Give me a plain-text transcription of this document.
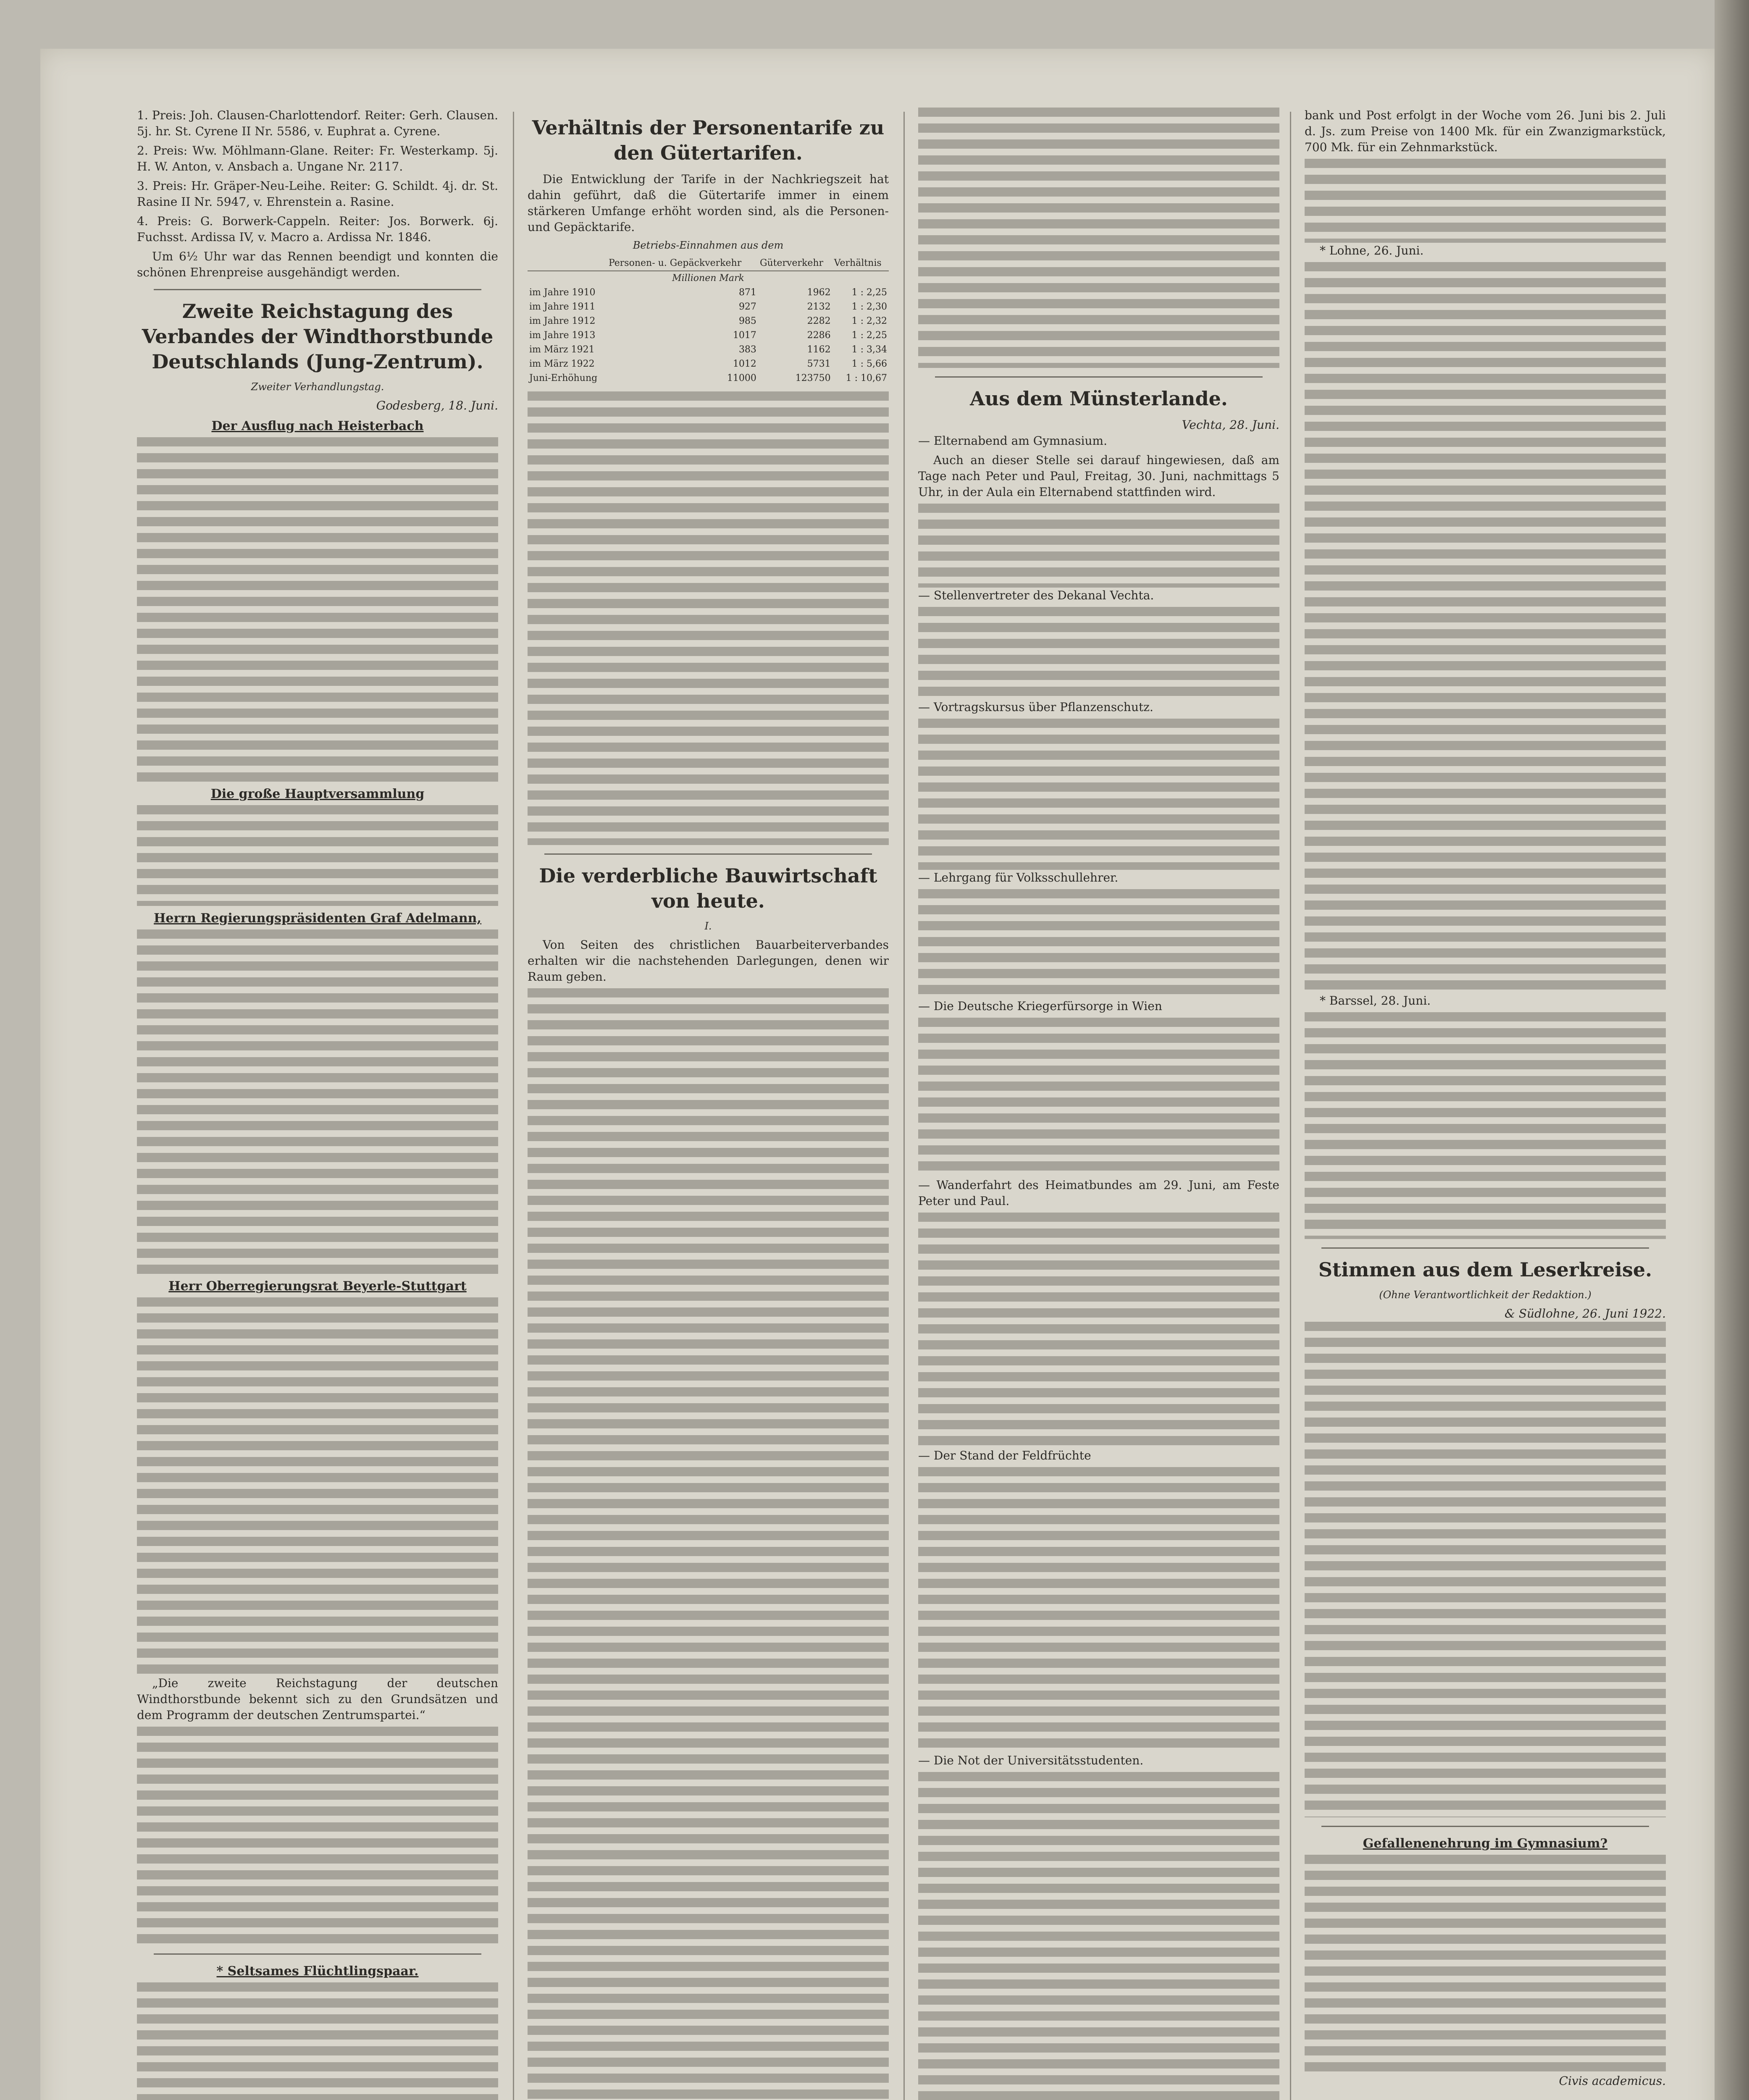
1. Preis: Joh. Clausen-Charlottendorf. Reiter: Gerh. Clausen. 5j. hr. St. Cyrene II Nr. 5586, v. Euphrat a. Cyrene.

2. Preis: Ww. Möhlmann-Glane. Reiter: Fr. Westerkamp. 5j. H. W. Anton, v. Ansbach a. Ungane Nr. 2117.

3. Preis: Hr. Gräper-Neu-Leihe. Reiter: G. Schildt. 4j. dr. St. Rasine II Nr. 5947, v. Ehrenstein a. Rasine.

4. Preis: G. Borwerk-Cappeln. Reiter: Jos. Borwerk. 6j. Fuchsst. Ardissa IV, v. Macro a. Ardissa Nr. 1846.

Um 6½ Uhr war das Rennen beendigt und konnten die schönen Ehrenpreise ausgehändigt werden.

Zweite Reichstagung des Verbandes der Windthorstbunde Deutschlands (Jung-Zentrum).
Zweiter Verhandlungstag.
Godesberg, 18. Juni.
Der Ausflug nach Heisterbach
Die große Hauptversammlung
Herrn Regierungspräsidenten Graf Adelmann,
Herr Oberregierungsrat Beyerle-Stuttgart

„Die zweite Reichstagung der deutschen Windthorstbunde bekennt sich zu den Grundsätzen und dem Programm der deutschen Zentrumspartei.“

* Seltsames Flüchtlingspaar.
Verhältnis der Personentarife zu den Gütertarifen.

Die Entwicklung der Tarife in der Nachkriegszeit hat dahin geführt, daß die Gütertarife immer in einem stärkeren Umfange erhöht worden sind, als die Personen- und Gepäcktarife.

Betriebs-Einnahmen aus dem
	Personen- u. Gepäckverkehr	Güterverkehr	Verhältnis
Millionen Mark			
im Jahre 1910	871	1962	1 : 2,25
im Jahre 1911	927	2132	1 : 2,30
im Jahre 1912	985	2282	1 : 2,32
im Jahre 1913	1017	2286	1 : 2,25
im März 1921	383	1162	1 : 3,34
im März 1922	1012	5731	1 : 5,66
Juni-Erhöhung	11000	123750	1 : 10,67
Die verderbliche Bauwirtschaft von heute.
I.

Von Seiten des christlichen Bauarbeiterverbandes erhalten wir die nachstehenden Darlegungen, denen wir Raum geben.

Aus dem Münsterlande.
Vechta, 28. Juni.

— Elternabend am Gymnasium.

Auch an dieser Stelle sei darauf hingewiesen, daß am Tage nach Peter und Paul, Freitag, 30. Juni, nachmittags 5 Uhr, in der Aula ein Elternabend stattfinden wird.

— Stellenvertreter des Dekanal Vechta.

— Vortragskursus über Pflanzenschutz.

— Lehrgang für Volksschullehrer.

— Die Deutsche Kriegerfürsorge in Wien

— Wanderfahrt des Heimatbundes am 29. Juni, am Feste Peter und Paul.

— Der Stand der Feldfrüchte

— Die Not der Universitätsstudenten.

bank und Post erfolgt in der Woche vom 26. Juni bis 2. Juli d. Js. zum Preise von 1400 Mk. für ein Zwanzigmarkstück, 700 Mk. für ein Zehnmarkstück.

* Lohne, 26. Juni.

* Barssel, 28. Juni.

Stimmen aus dem Leserkreise.
(Ohne Verantwortlichkeit der Redaktion.)
& Südlohne, 26. Juni 1922.
Gefallenenehrung im Gymnasium?
Civis academicus.
